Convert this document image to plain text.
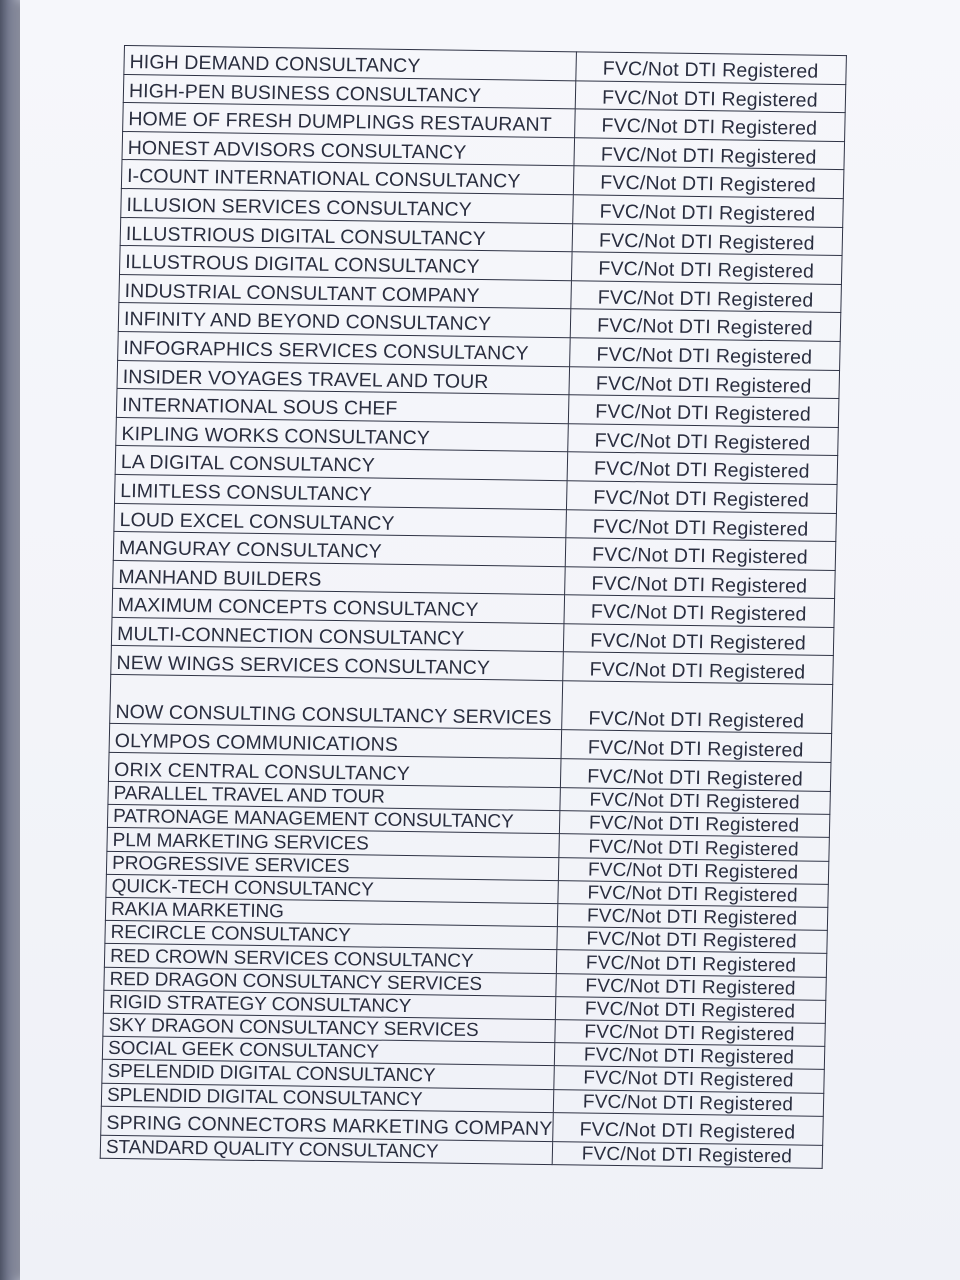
HIGH DEMAND CONSULTANCY	FVC/Not DTI Registered
HIGH-PEN BUSINESS CONSULTANCY	FVC/Not DTI Registered
HOME OF FRESH DUMPLINGS RESTAURANT	FVC/Not DTI Registered
HONEST ADVISORS CONSULTANCY	FVC/Not DTI Registered
I-COUNT INTERNATIONAL CONSULTANCY	FVC/Not DTI Registered
ILLUSION SERVICES CONSULTANCY	FVC/Not DTI Registered
ILLUSTRIOUS DIGITAL CONSULTANCY	FVC/Not DTI Registered
ILLUSTROUS DIGITAL CONSULTANCY	FVC/Not DTI Registered
INDUSTRIAL CONSULTANT COMPANY	FVC/Not DTI Registered
INFINITY AND BEYOND CONSULTANCY	FVC/Not DTI Registered
INFOGRAPHICS SERVICES CONSULTANCY	FVC/Not DTI Registered
INSIDER VOYAGES TRAVEL AND TOUR	FVC/Not DTI Registered
INTERNATIONAL SOUS CHEF	FVC/Not DTI Registered
KIPLING WORKS CONSULTANCY	FVC/Not DTI Registered
LA DIGITAL CONSULTANCY	FVC/Not DTI Registered
LIMITLESS CONSULTANCY	FVC/Not DTI Registered
LOUD EXCEL CONSULTANCY	FVC/Not DTI Registered
MANGURAY CONSULTANCY	FVC/Not DTI Registered
MANHAND BUILDERS	FVC/Not DTI Registered
MAXIMUM CONCEPTS CONSULTANCY	FVC/Not DTI Registered
MULTI-CONNECTION CONSULTANCY	FVC/Not DTI Registered
NEW WINGS SERVICES CONSULTANCY	FVC/Not DTI Registered
NOW CONSULTING CONSULTANCY SERVICES	FVC/Not DTI Registered
OLYMPOS COMMUNICATIONS	FVC/Not DTI Registered
ORIX CENTRAL CONSULTANCY	FVC/Not DTI Registered
PARALLEL TRAVEL AND TOUR	FVC/Not DTI Registered
PATRONAGE MANAGEMENT CONSULTANCY	FVC/Not DTI Registered
PLM MARKETING SERVICES	FVC/Not DTI Registered
PROGRESSIVE SERVICES	FVC/Not DTI Registered
QUICK-TECH CONSULTANCY	FVC/Not DTI Registered
RAKIA MARKETING	FVC/Not DTI Registered
RECIRCLE CONSULTANCY	FVC/Not DTI Registered
RED CROWN SERVICES CONSULTANCY	FVC/Not DTI Registered
RED DRAGON CONSULTANCY SERVICES	FVC/Not DTI Registered
RIGID STRATEGY CONSULTANCY	FVC/Not DTI Registered
SKY DRAGON CONSULTANCY SERVICES	FVC/Not DTI Registered
SOCIAL GEEK CONSULTANCY	FVC/Not DTI Registered
SPELENDID DIGITAL CONSULTANCY	FVC/Not DTI Registered
SPLENDID DIGITAL CONSULTANCY	FVC/Not DTI Registered
SPRING CONNECTORS MARKETING COMPANY	FVC/Not DTI Registered
STANDARD QUALITY CONSULTANCY	FVC/Not DTI Registered
